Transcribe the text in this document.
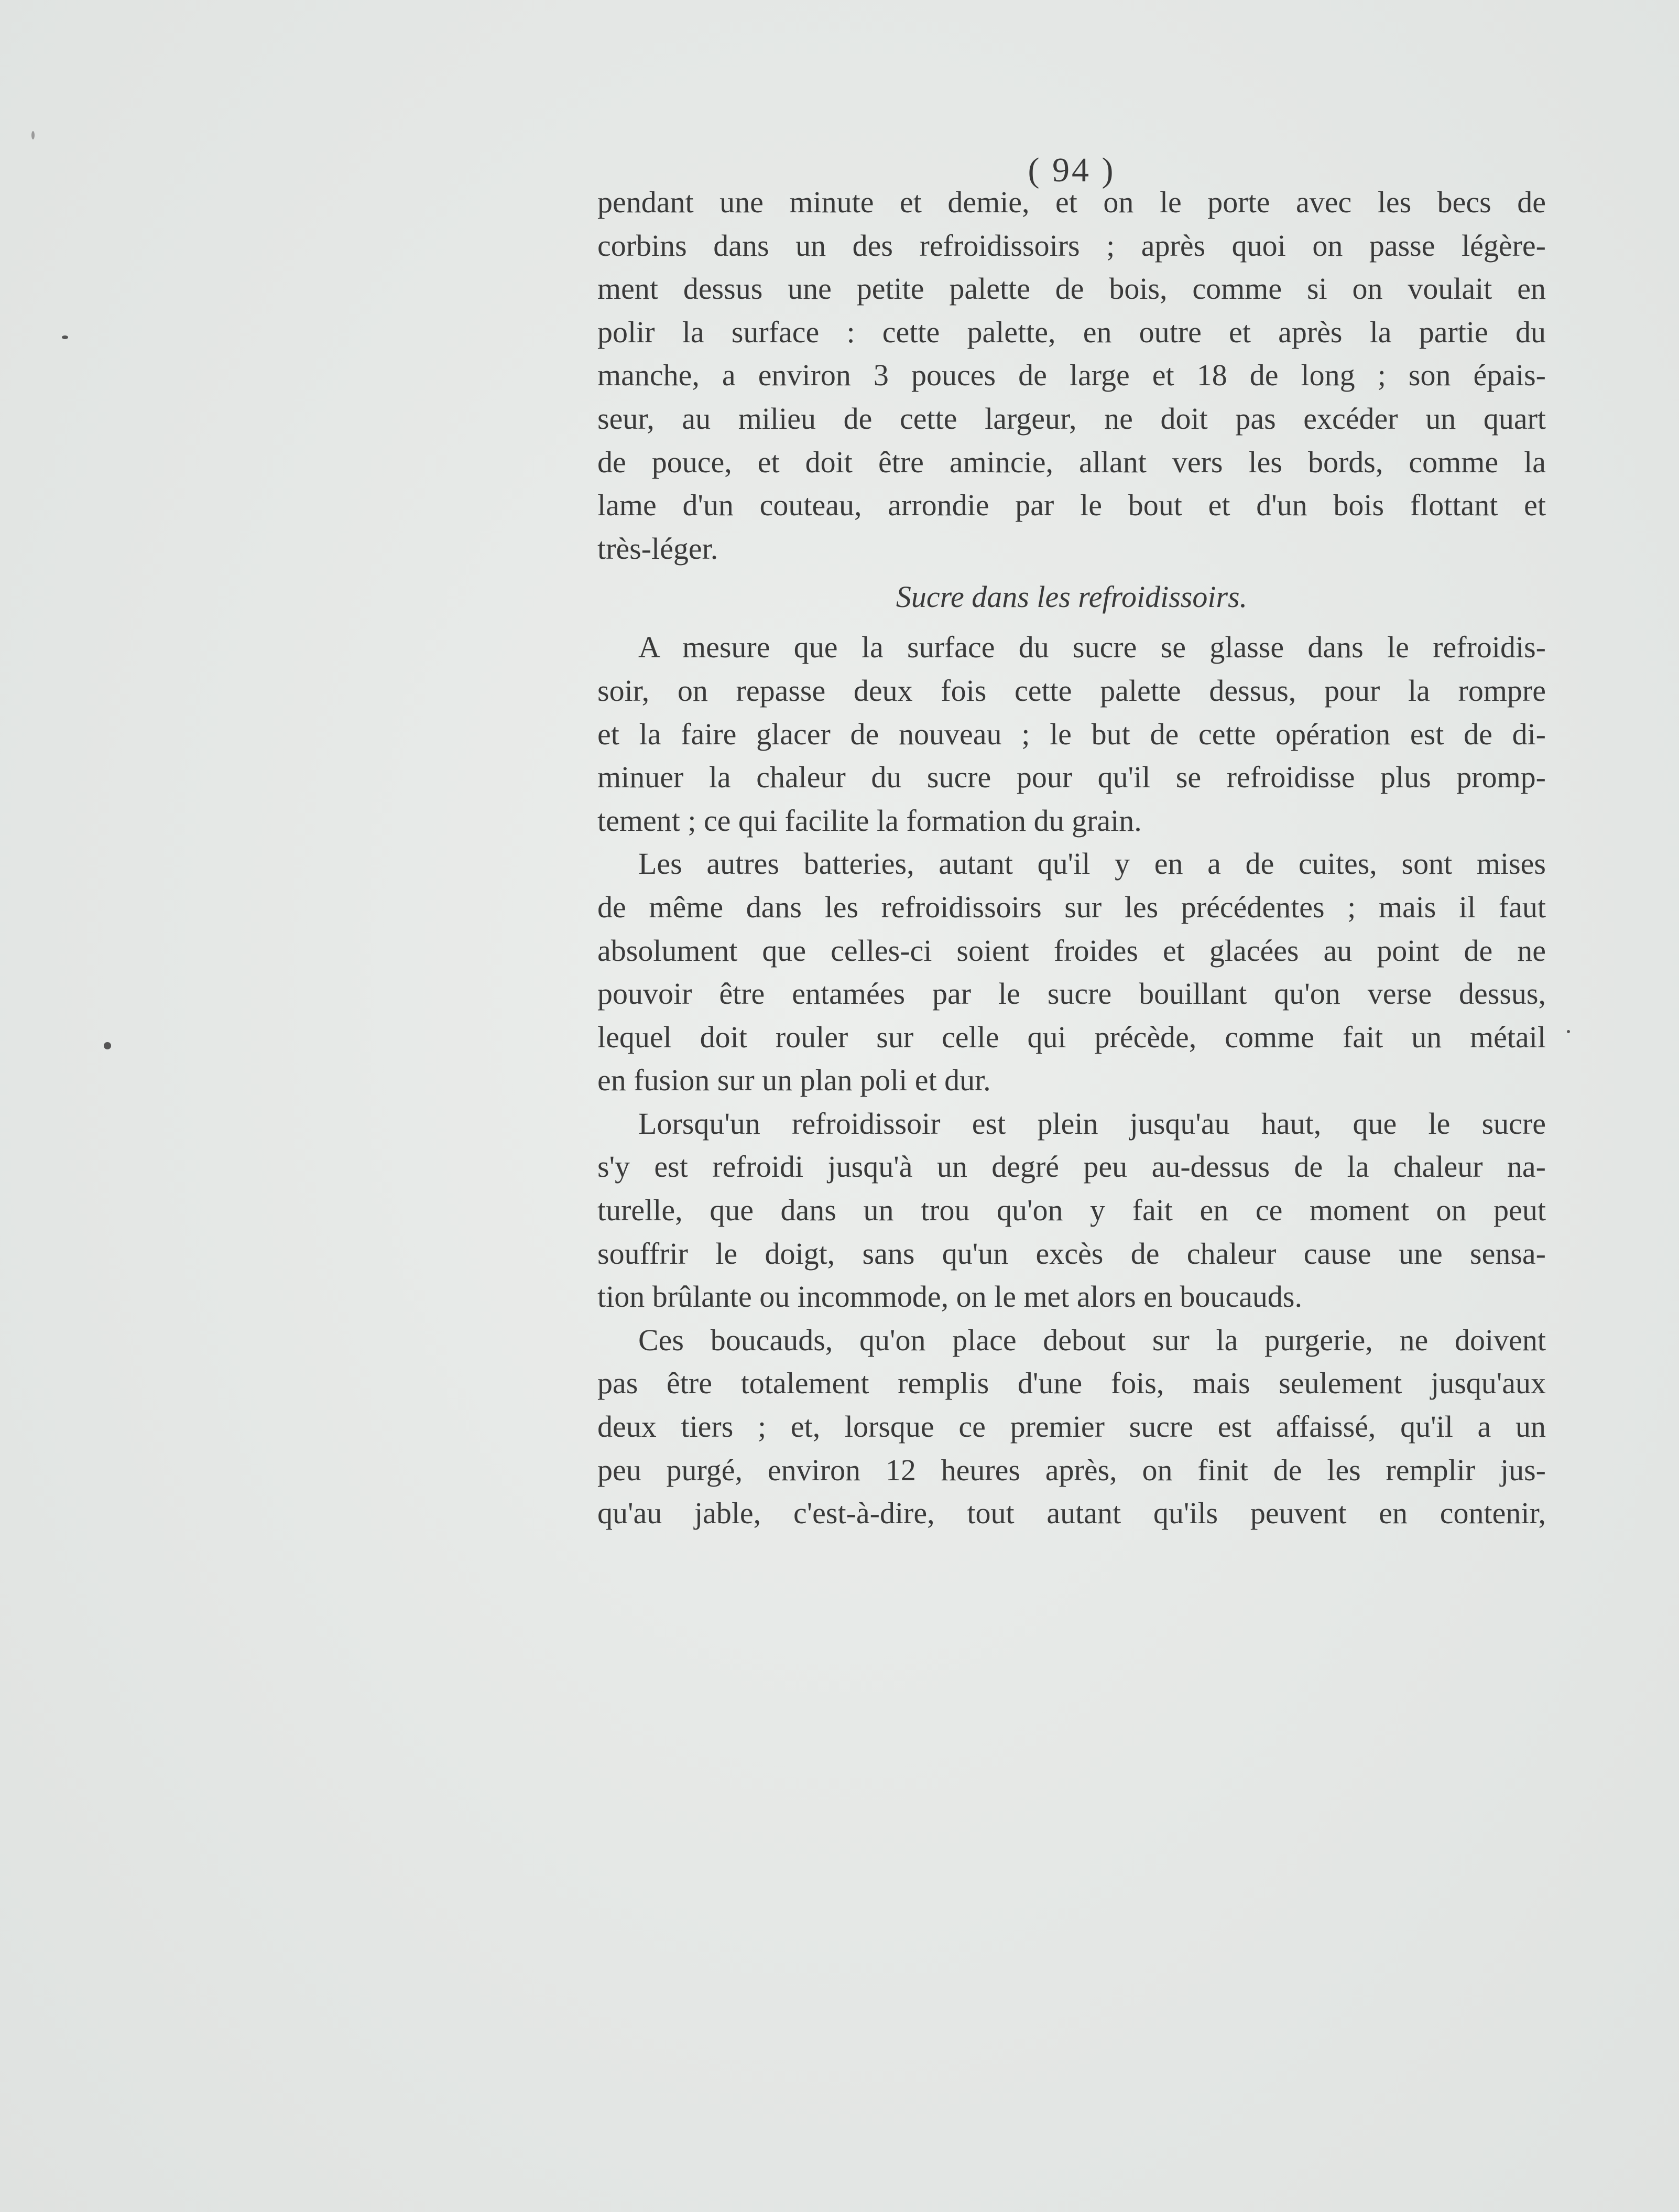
( 94 )
pendant une minute et demie, et on le porte avec les becs de
corbins dans un des refroidissoirs ; après quoi on passe légère-
ment dessus une petite palette de bois, comme si on voulait en
polir la surface : cette palette, en outre et après la partie du
manche, a environ 3 pouces de large et 18 de long ; son épais-
seur, au milieu de cette largeur, ne doit pas excéder un quart
de pouce, et doit être amincie, allant vers les bords, comme la
lame d'un couteau, arrondie par le bout et d'un bois flottant et
très-léger.
Sucre dans les refroidissoirs.
A mesure que la surface du sucre se glasse dans le refroidis-
soir, on repasse deux fois cette palette dessus, pour la rompre
et la faire glacer de nouveau ; le but de cette opération est de di-
minuer la chaleur du sucre pour qu'il se refroidisse plus promp-
tement ; ce qui facilite la formation du grain.
Les autres batteries, autant qu'il y en a de cuites, sont mises
de même dans les refroidissoirs sur les précédentes ; mais il faut
absolument que celles-ci soient froides et glacées au point de ne
pouvoir être entamées par le sucre bouillant qu'on verse dessus,
lequel doit rouler sur celle qui précède, comme fait un métail
en fusion sur un plan poli et dur.
Lorsqu'un refroidissoir est plein jusqu'au haut, que le sucre
s'y est refroidi jusqu'à un degré peu au-dessus de la chaleur na-
turelle, que dans un trou qu'on y fait en ce moment on peut
souffrir le doigt, sans qu'un excès de chaleur cause une sensa-
tion brûlante ou incommode, on le met alors en boucauds.
Ces boucauds, qu'on place debout sur la purgerie, ne doivent
pas être totalement remplis d'une fois, mais seulement jusqu'aux
deux tiers ; et, lorsque ce premier sucre est affaissé, qu'il a un
peu purgé, environ 12 heures après, on finit de les remplir jus-
qu'au jable, c'est-à-dire, tout autant qu'ils peuvent en contenir,
